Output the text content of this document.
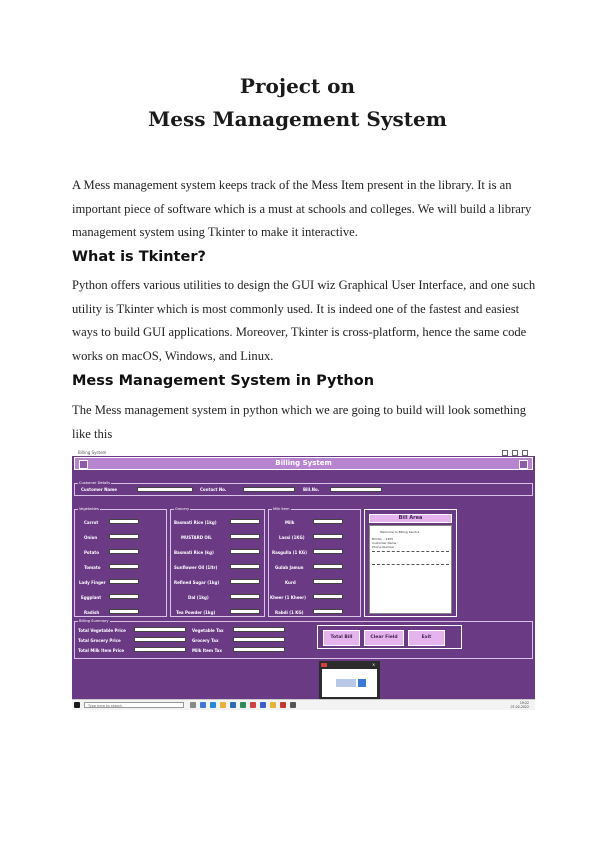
Project on
Mess Management System
A Mess management system keeps track of the Mess Item present in the library. It is an important piece of software which is a must at schools and colleges. We will build a library management system using Tkinter to make it interactive.
What is Tkinter?
Python offers various utilities to design the GUI wiz Graphical User Interface, and one such utility is Tkinter which is most commonly used. It is indeed one of the fastest and easiest ways to build GUI applications. Moreover, Tkinter is cross-platform, hence the same code works on macOS, Windows, and Linux.
Mess Management System in Python
The Mess management system in python which we are going to build will look something like this
Billing System
Billing System
Customer Details
Customer Name	Contact No.	Bill.No.
Vegetables
Carrot
Onion
Potato
Tomato
Lady Finger
Eggplant
Radish
Grocery
Basmati Rice (1kg)
MUSTARD OIL
Basmati Rice (kg)
Sunflower Oil (1ltr)
Refined Sugar (1kg)
Dal (1kg)
Tea Powder (1kg)
Milk Item
Milk
Lassi (1KG)
Rasgulla (1 KG)
Gulab Jamun
Kurd
Kheer (1 Kheer)
Rabdi (1 KG)
Bill Area
Welcome to Billing Kendra
Bill No. : 2305
Customer Name :
Phone Number :
Billing Summary
Total Vegetable Price
Total Grocery Price
Total Milk Item Price
Vegetable Tax
Grocery Tax
Milk Item Tax
Total Bill	Clear Field	Exit
×
Type here to search
19:22
07-02-2022
